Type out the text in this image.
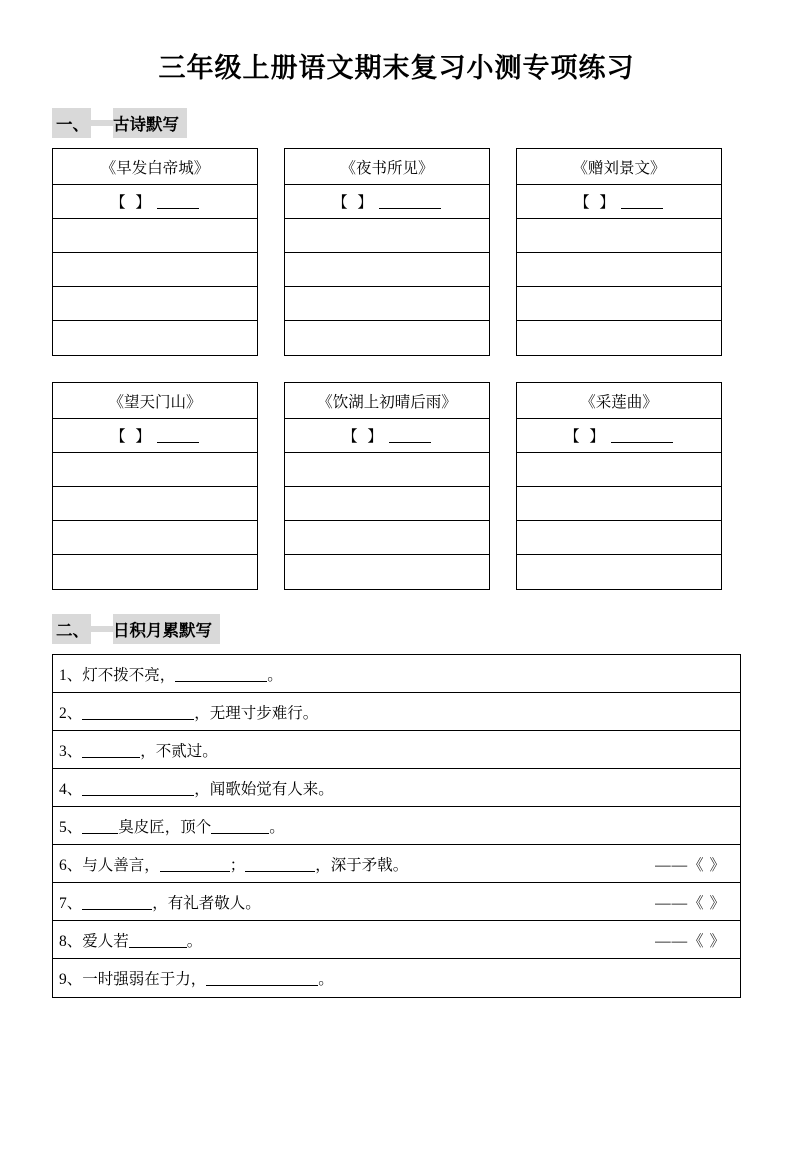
三年级上册语文期末复习小测专项练习
一、 古诗默写
《早发白帝城》
【 】
《夜书所见》
【 】
《赠刘景文》
【 】
《望天门山》
【 】
《饮湖上初晴后雨》
【 】
《采莲曲》
【 】
二、 日积月累默写
1、 灯不拨不亮，	。
2、	，无理寸步难行。
3、	，不贰过。
4、	，闻歌始觉有人来。
5、 臭皮匠，顶个	。
6、 与人善言，	；	，深于矛戟。	——《 》
7、	，有礼者敬人。	——《 》
8、 爱人若	。	——《 》
9、 一时强弱在于力，	。
